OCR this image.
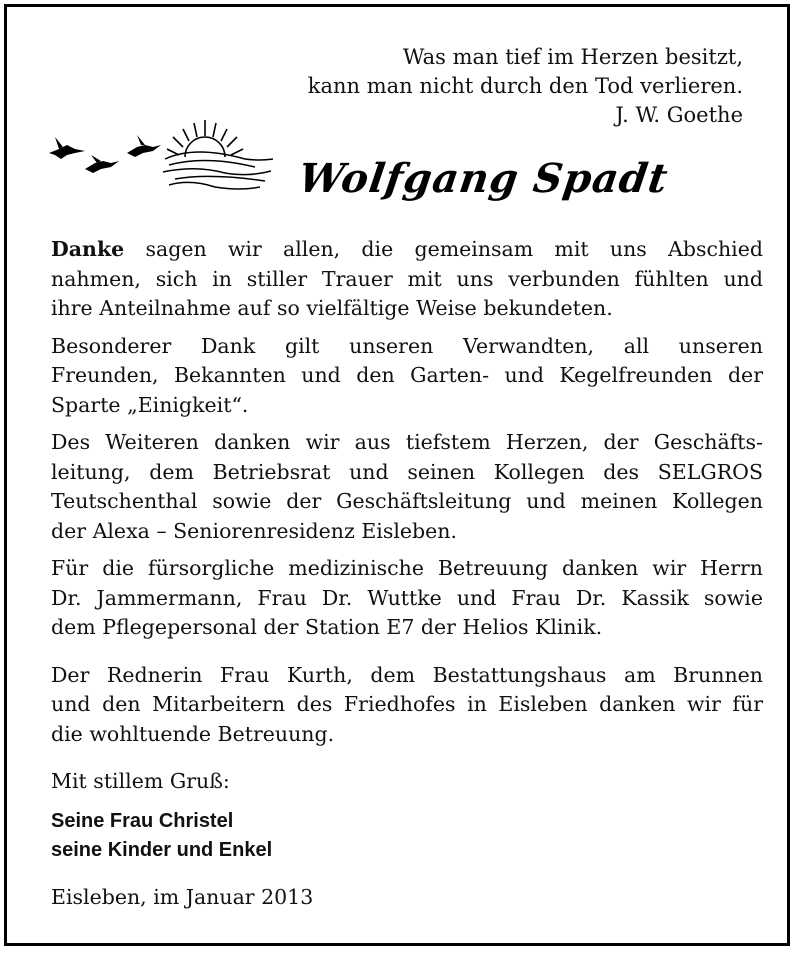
Was man tief im Herzen besitzt,
kann man nicht durch den Tod verlieren.
J. W. Goethe
Wolfgang Spadt
Danke sagen wir allen, die gemeinsam mit uns Abschied
nahmen, sich in stiller Trauer mit uns verbunden fühlten und
ihre Anteilnahme auf so vielfältige Weise bekundeten.
Besonderer Dank gilt unseren Verwandten, all unseren
Freunden, Bekannten und den Garten- und Kegelfreunden der
Sparte „Einigkeit“.
Des Weiteren danken wir aus tiefstem Herzen, der Geschäfts-
leitung, dem Betriebsrat und seinen Kollegen des SELGROS
Teutschenthal sowie der Geschäftsleitung und meinen Kollegen
der Alexa – Seniorenresidenz Eisleben.
Für die fürsorgliche medizinische Betreuung danken wir Herrn
Dr. Jammermann, Frau Dr. Wuttke und Frau Dr. Kassik sowie
dem Pflegepersonal der Station E7 der Helios Klinik.
Der Rednerin Frau Kurth, dem Bestattungshaus am Brunnen
und den Mitarbeitern des Friedhofes in Eisleben danken wir für
die wohltuende Betreuung.
Mit stillem Gruß:
Seine Frau Christel
seine Kinder und Enkel
Eisleben, im Januar 2013
